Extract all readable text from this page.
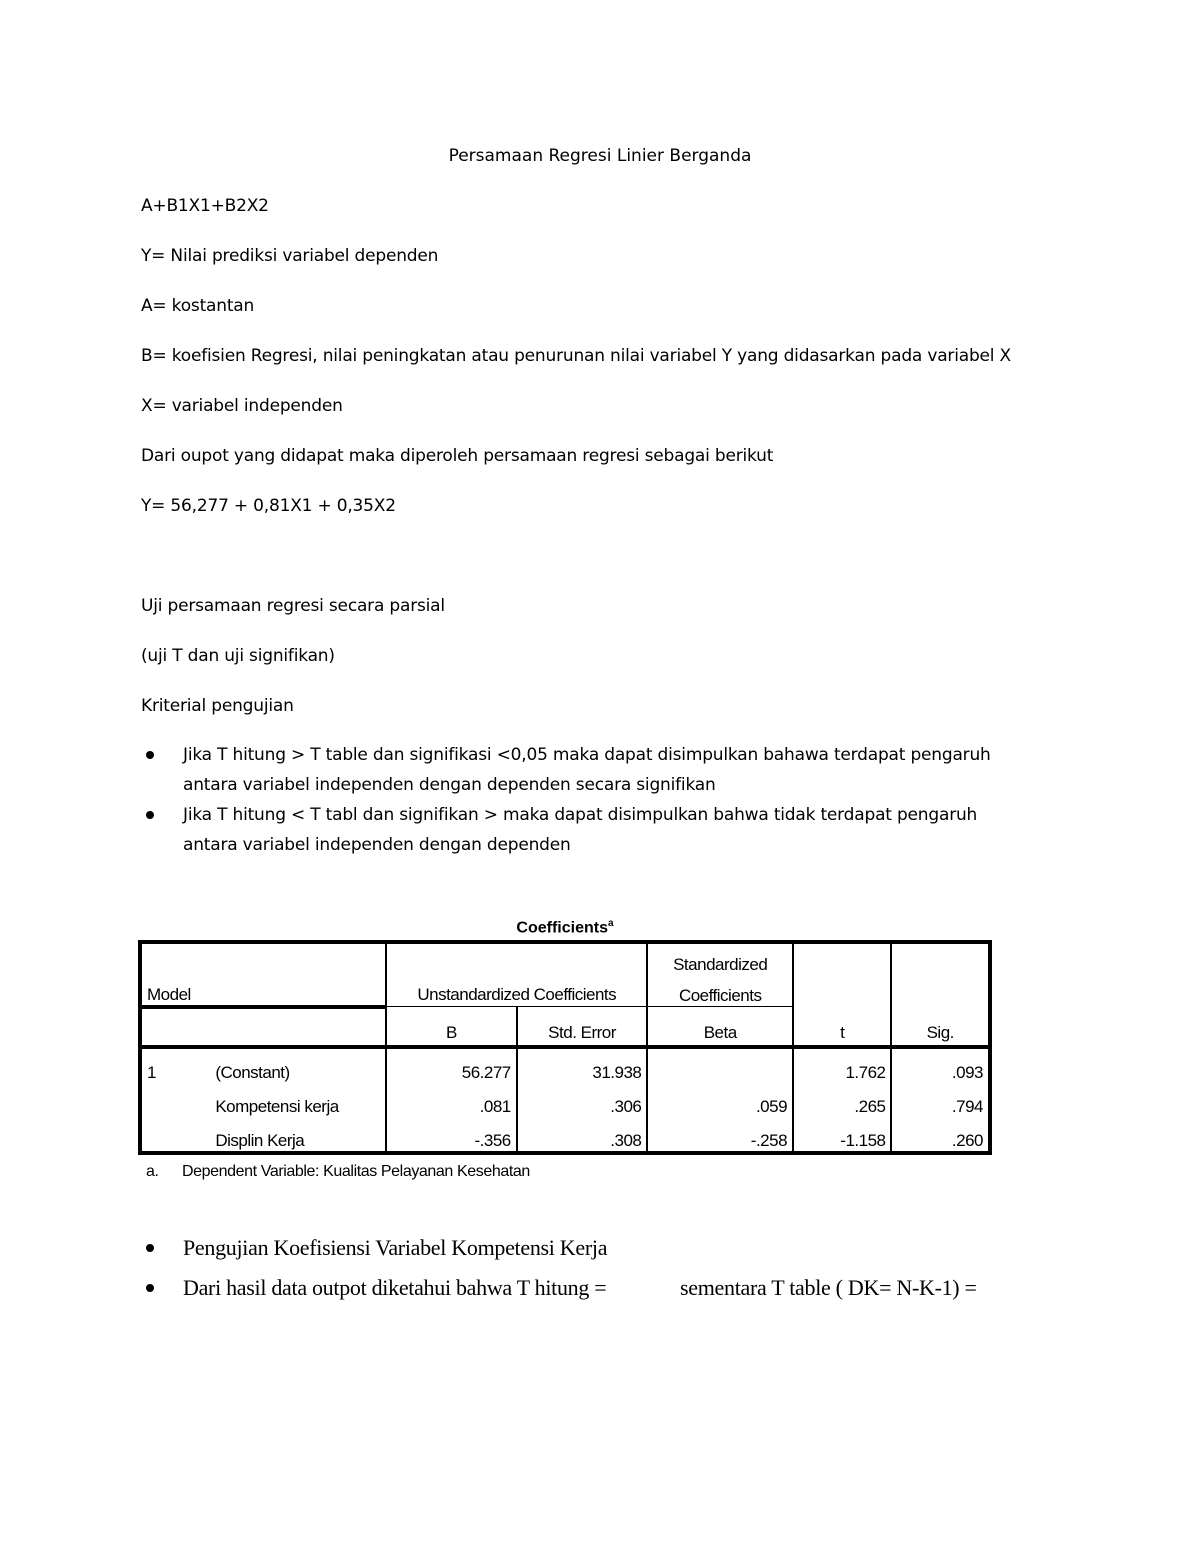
Persamaan Regresi Linier Berganda
A+B1X1+B2X2
Y= Nilai prediksi variabel dependen
A= kostantan
B= koefisien Regresi, nilai peningkatan atau penurunan nilai variabel Y yang didasarkan pada variabel X
X= variabel independen
Dari oupot yang didapat maka diperoleh persamaan regresi sebagai berikut
Y= 56,277 + 0,81X1 + 0,35X2
Uji persamaan regresi secara parsial
(uji T dan uji signifikan)
Kriterial pengujian
Jika T hitung > T table dan signifikasi <0,05 maka dapat disimpulkan bahawa terdapat pengaruh
antara variabel independen dengan dependen secara signifikan
Jika T hitung < T tabl dan signifikan > maka dapat disimpulkan bahwa tidak terdapat pengaruh
antara variabel independen dengan dependen
Coefficients$^a$
Model		Unstandardized Coefficients		Standardized	t	Sig.
				Coefficients		
		B	Std. Error	Beta		
1	(Constant)	56.277	31.938		1.762	.093
	Kompetensi kerja	.081	.306	.059	.265	.794
	Displin Kerja	-.356	.308	-.258	-1.158	.260
a. Dependent Variable: Kualitas Pelayanan Kesehatan
Pengujian Koefisiensi Variabel Kompetensi Kerja
Dari hasil data outpot diketahui bahwa T hitung =	sementara T table ( DK= N-K-1) =
